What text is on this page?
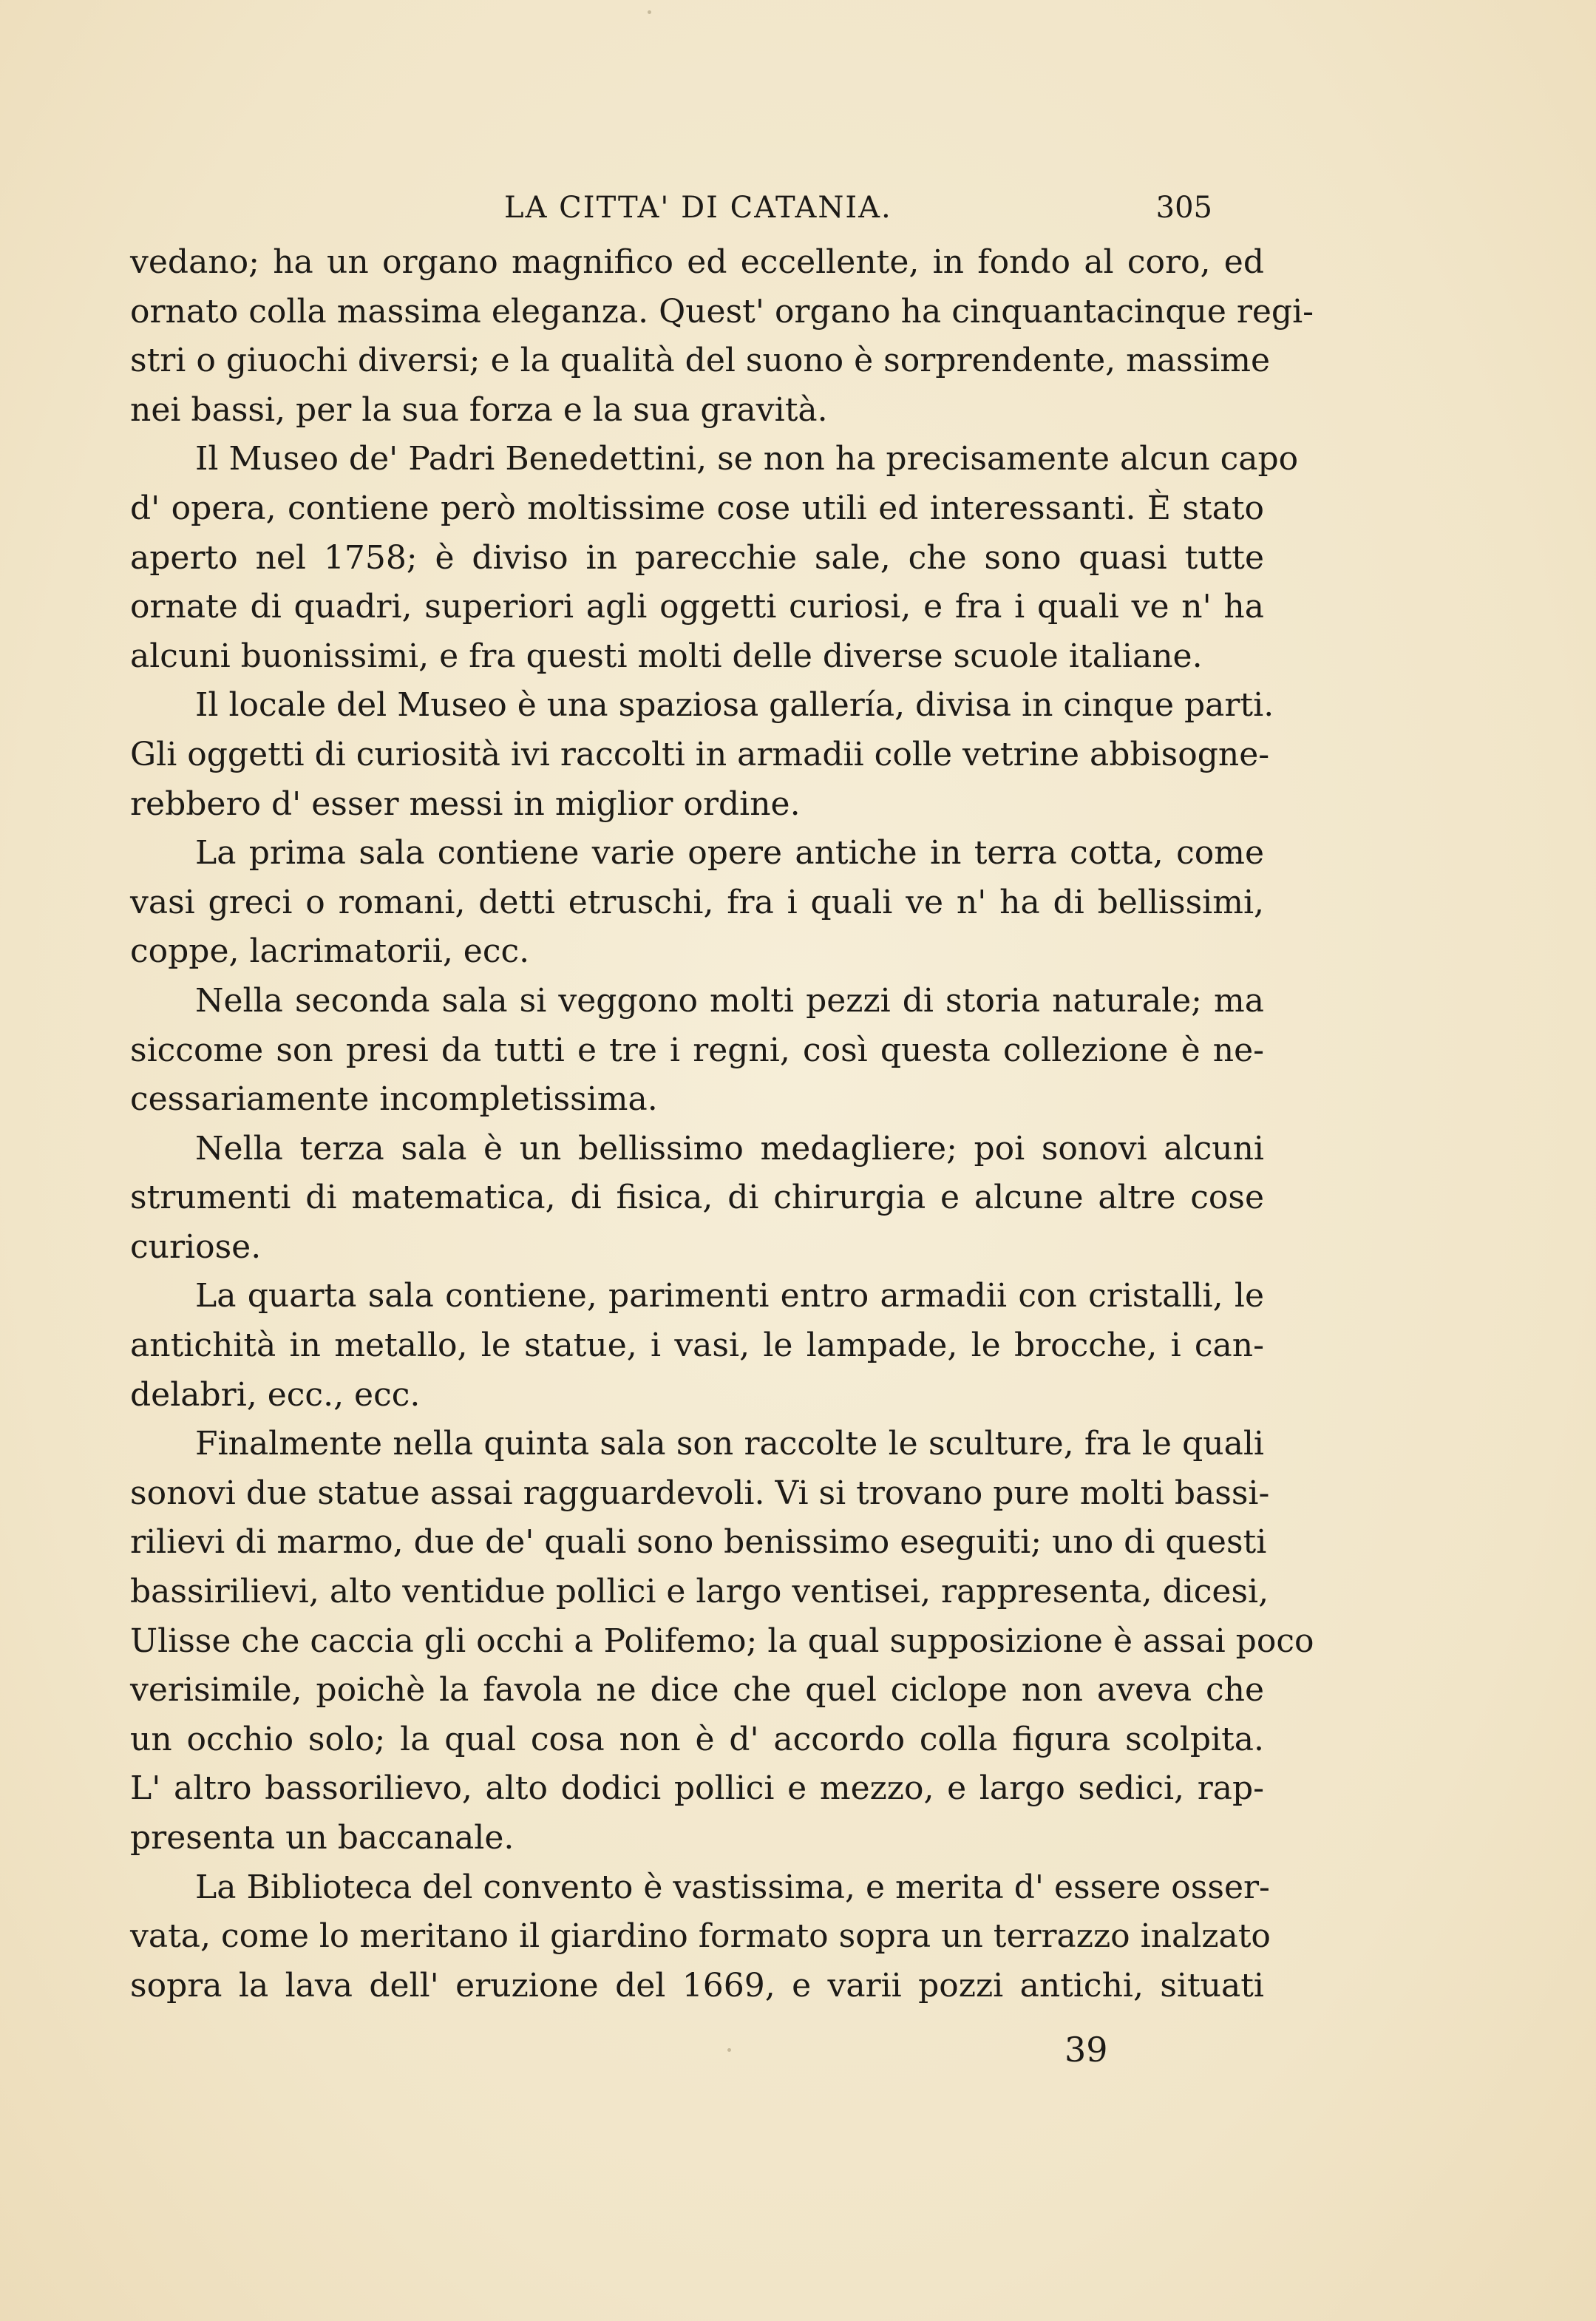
LA CITTA' DI CATANIA.	305
vedano; ha un organo magnifico ed eccellente, in fondo al coro, ed
ornato colla massima eleganza. Quest' organo ha cinquantacinque regi-
stri o giuochi diversi; e la qualità del suono è sorprendente, massime
nei bassi, per la sua forza e la sua gravità.
Il Museo de' Padri Benedettini, se non ha precisamente alcun capo
d' opera, contiene però moltissime cose utili ed interessanti. È stato
aperto nel 1758; è diviso in parecchie sale, che sono quasi tutte
ornate di quadri, superiori agli oggetti curiosi, e fra i quali ve n' ha
alcuni buonissimi, e fra questi molti delle diverse scuole italiane.
Il locale del Museo è una spaziosa gallería, divisa in cinque parti.
Gli oggetti di curiosità ivi raccolti in armadii colle vetrine abbisogne-
rebbero d' esser messi in miglior ordine.
La prima sala contiene varie opere antiche in terra cotta, come
vasi greci o romani, detti etruschi, fra i quali ve n' ha di bellissimi,
coppe, lacrimatorii, ecc.
Nella seconda sala si veggono molti pezzi di storia naturale; ma
siccome son presi da tutti e tre i regni, così questa collezione è ne-
cessariamente incompletissima.
Nella terza sala è un bellissimo medagliere; poi sonovi alcuni
strumenti di matematica, di fisica, di chirurgia e alcune altre cose
curiose.
La quarta sala contiene, parimenti entro armadii con cristalli, le
antichità in metallo, le statue, i vasi, le lampade, le brocche, i can-
delabri, ecc., ecc.
Finalmente nella quinta sala son raccolte le sculture, fra le quali
sonovi due statue assai ragguardevoli. Vi si trovano pure molti bassi-
rilievi di marmo, due de' quali sono benissimo eseguiti; uno di questi
bassirilievi, alto ventidue pollici e largo ventisei, rappresenta, dicesi,
Ulisse che caccia gli occhi a Polifemo; la qual supposizione è assai poco
verisimile, poichè la favola ne dice che quel ciclope non aveva che
un occhio solo; la qual cosa non è d' accordo colla figura scolpita.
L' altro bassorilievo, alto dodici pollici e mezzo, e largo sedici, rap-
presenta un baccanale.
La Biblioteca del convento è vastissima, e merita d' essere osser-
vata, come lo meritano il giardino formato sopra un terrazzo inalzato
sopra la lava dell' eruzione del 1669, e varii pozzi antichi, situati
39
